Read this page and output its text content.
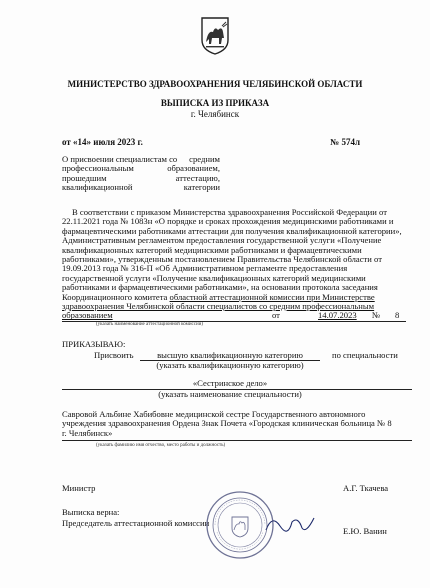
МИНИСТЕРСТВО ЗДРАВООХРАНЕНИЯ ЧЕЛЯБИНСКОЙ ОБЛАСТИ
ВЫПИСКА ИЗ ПРИКАЗА
г. Челябинск
от «14» июля 2023 г.	№ 574л
О присвоении специалистам со средним
профессиональным	образованием,
прошедшим	аттестацию,
квалификационной	категории
В соответствии с приказом Министерства здравоохранения Российской Федерации от
22.11.2021 года № 1083н «О порядке и сроках прохождения медицинскими работниками и
фармацевтическими работниками аттестации для получения квалификационной категории»,
Административным регламентом предоставления государственной услуги «Получение
квалификационных категорий медицинскими работниками и фармацевтическими
работниками», утвержденным постановлением Правительства Челябинской области от
19.09.2013 года № 316-П «Об Административном регламенте предоставления
государственной услуги «Получение квалификационных категорий медицинскими
работниками и фармацевтическими работниками», на основании протокола заседания
Координационного комитета областной аттестационной комиссии при Министерстве
здравоохранения Челябинской области специалистов со средним профессиональным
образованием	от	14.07.2023 № 8
(указать наименование аттестационной комиссии)
ПРИКАЗЫВАЮ:
Присвоить	высшую квалификационную категорию	по специальности
(указать квалификационную категорию)
«Сестринское дело»
(указать наименование специальности)
Савровой Альбине Хабибовне медицинской сестре Государственного автономного
учреждения здравоохранения Ордена Знак Почета «Городская клиническая больница № 8
г. Челябинск»
(указать фамилию имя отчество, место работы и должность)
Министр	А.Г. Ткачева
Выписка верна:
Председатель аттестационной комиссии
Е.Ю. Ванин
